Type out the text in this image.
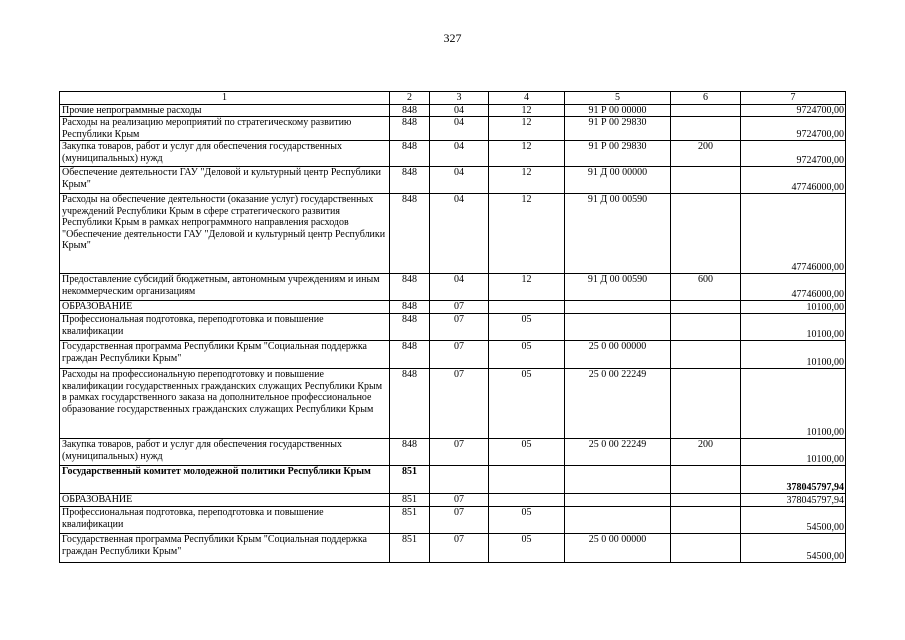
327
1	2	3	4	5	6	7
Прочие непрограммные расходы	848	04	12	91 Р 00 00000		9724700,00
Расходы на реализацию мероприятий по стратегическому развитию Республики Крым	848	04	12	91 Р 00 29830		9724700,00
Закупка товаров, работ и услуг для обеспечения государственных (муниципальных) нужд	848	04	12	91 Р 00 29830	200	9724700,00
Обеспечение деятельности ГАУ "Деловой и культурный центр Республики Крым"	848	04	12	91 Д 00 00000		47746000,00
Расходы на обеспечение деятельности (оказание услуг) государственных учреждений Республики Крым в сфере стратегического развития Республики Крым в рамках непрограммного направления расходов "Обеспечение деятельности ГАУ "Деловой и культурный центр Республики Крым"	848	04	12	91 Д 00 00590		47746000,00
Предоставление субсидий бюджетным, автономным учреждениям и иным некоммерческим организациям	848	04	12	91 Д 00 00590	600	47746000,00
ОБРАЗОВАНИЕ	848	07				10100,00
Профессиональная подготовка, переподготовка и повышение квалификации	848	07	05			10100,00
Государственная программа Республики Крым "Социальная поддержка граждан Республики Крым"	848	07	05	25 0 00 00000		10100,00
Расходы на профессиональную переподготовку и повышение квалификации государственных гражданских служащих Республики Крым в рамках государственного заказа на дополнительное профессиональное образование государственных гражданских служащих Республики Крым	848	07	05	25 0 00 22249		10100,00
Закупка товаров, работ и услуг для обеспечения государственных (муниципальных) нужд	848	07	05	25 0 00 22249	200	10100,00
Государственный комитет молодежной политики Республики Крым	851					378045797,94
ОБРАЗОВАНИЕ	851	07				378045797,94
Профессиональная подготовка, переподготовка и повышение квалификации	851	07	05			54500,00
Государственная программа Республики Крым "Социальная поддержка граждан Республики Крым"	851	07	05	25 0 00 00000		54500,00
